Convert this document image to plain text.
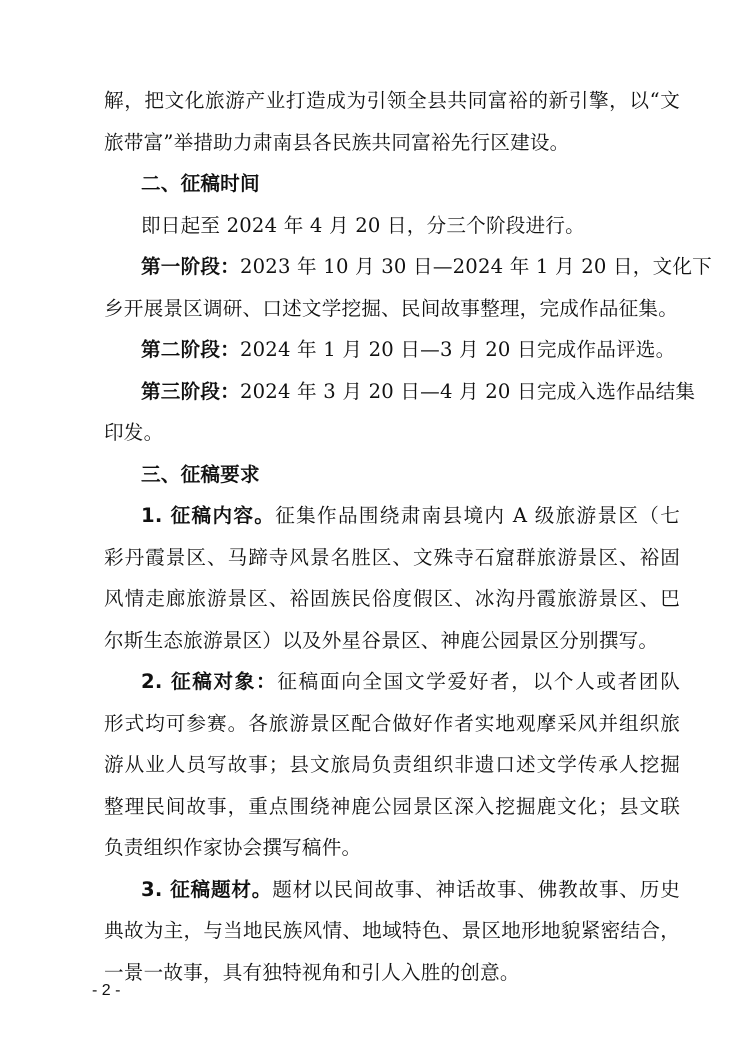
解，把文化旅游产业打造成为引领全县共同富裕的新引擎，以“文
旅带富”举措助力肃南县各民族共同富裕先行区建设。
二、征稿时间
即日起至 2024 年 4 月 20 日，分三个阶段进行。
第一阶段：2023 年 10 月 30 日—2024 年 1 月 20 日，文化下
乡开展景区调研、口述文学挖掘、民间故事整理，完成作品征集。
第二阶段：2024 年 1 月 20 日—3 月 20 日完成作品评选。
第三阶段：2024 年 3 月 20 日—4 月 20 日完成入选作品结集
印发。
三、征稿要求
1. 征稿内容。征集作品围绕肃南县境内 A 级旅游景区（七
彩丹霞景区、马蹄寺风景名胜区、文殊寺石窟群旅游景区、裕固
风情走廊旅游景区、裕固族民俗度假区、冰沟丹霞旅游景区、巴
尔斯生态旅游景区）以及外星谷景区、神鹿公园景区分别撰写。
2. 征稿对象：征稿面向全国文学爱好者，以个人或者团队
形式均可参赛。各旅游景区配合做好作者实地观摩采风并组织旅
游从业人员写故事；县文旅局负责组织非遗口述文学传承人挖掘
整理民间故事，重点围绕神鹿公园景区深入挖掘鹿文化；县文联
负责组织作家协会撰写稿件。
3. 征稿题材。题材以民间故事、神话故事、佛教故事、历史
典故为主，与当地民族风情、地域特色、景区地形地貌紧密结合，
一景一故事，具有独特视角和引人入胜的创意。
- 2 -
